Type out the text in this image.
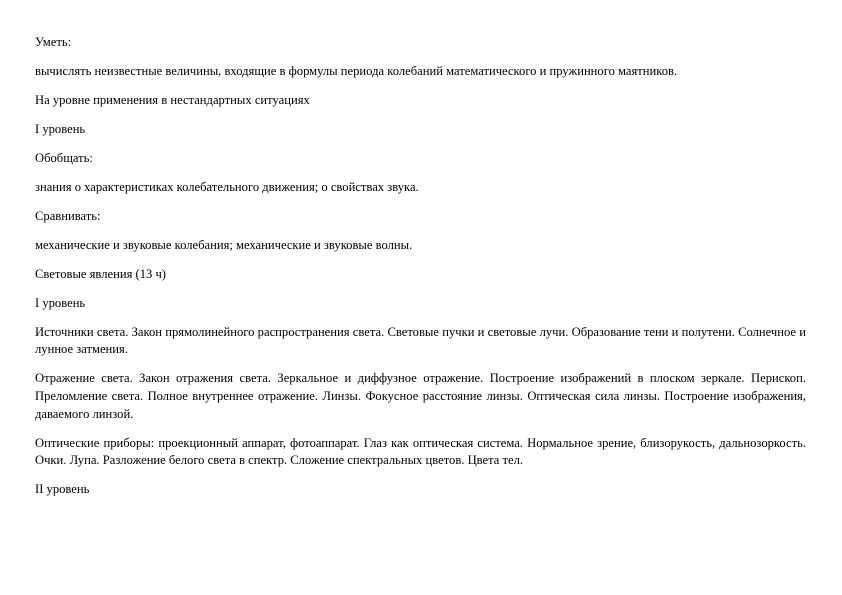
Уметь:

вычислять неизвестные величины, входящие в формулы периода колебаний математического и пружинного маятников.

На уровне применения в нестандартных ситуациях

I уровень

Обобщать:

знания о характеристиках колебательного движения; о свойствах звука.

Сравнивать:

механические и звуковые колебания; механические и звуковые волны.

Световые явления (13 ч)

I уровень

Источники света. Закон прямолинейного распространения света. Световые пучки и световые лучи. Образование тени и полутени. Солнечное и лунное затмения.

Отражение света. Закон отражения света. Зеркальное и диффузное отражение. Построение изображений в плоском зеркале. Перископ. Преломление света. Полное внутреннее отражение. Линзы. Фокусное расстояние линзы. Оптическая сила линзы. Построение изображения, даваемого линзой.

Оптические приборы: проекционный аппарат, фотоаппарат. Глаз как оптическая система. Нормальное зрение, близорукость, дальнозоркость. Очки. Лупа. Разложение белого света в спектр. Сложение спектральных цветов. Цвета тел.

II уровень
